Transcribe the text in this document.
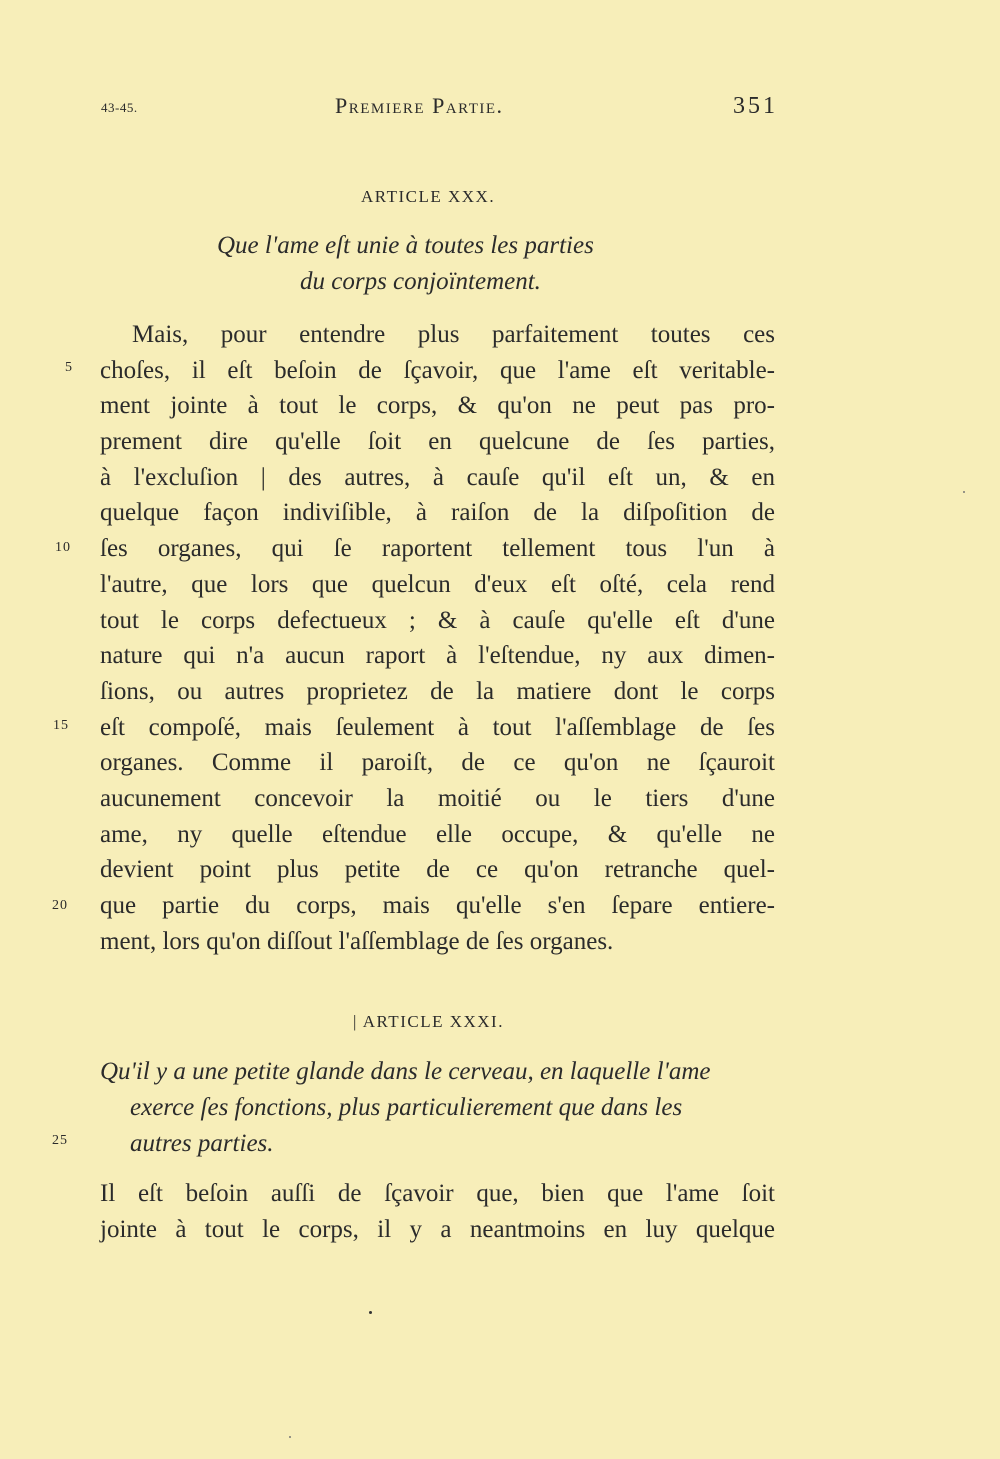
43-45.	Premiere Partie.	351
ARTICLE XXX.
Que l'ame eſt unie à toutes les parties
du corps conjoïntement.
Mais, pour entendre plus parfaitement toutes ces
choſes, il eſt beſoin de ſçavoir, que l'ame eſt veritable-
ment jointe à tout le corps, & qu'on ne peut pas pro-
prement dire qu'elle ſoit en quelcune de ſes parties,
à l'excluſion | des autres, à cauſe qu'il eſt un, & en
quelque façon indiviſible, à raiſon de la diſpoſition de
ſes organes, qui ſe raportent tellement tous l'un à
l'autre, que lors que quelcun d'eux eſt oſté, cela rend
tout le corps defectueux ; & à cauſe qu'elle eſt d'une
nature qui n'a aucun raport à l'eſtendue, ny aux dimen-
ſions, ou autres proprietez de la matiere dont le corps
eſt compoſé, mais ſeulement à tout l'aſſemblage de ſes
organes. Comme il paroiſt, de ce qu'on ne ſçauroit
aucunement concevoir la moitié ou le tiers d'une
ame, ny quelle eſtendue elle occupe, & qu'elle ne
devient point plus petite de ce qu'on retranche quel-
que partie du corps, mais qu'elle s'en ſepare entiere-
ment, lors qu'on diſſout l'aſſemblage de ſes organes.
| ARTICLE XXXI.
Qu'il y a une petite glande dans le cerveau, en laquelle l'ame
exerce ſes fonctions, plus particulierement que dans les
autres parties.
Il eſt beſoin auſſi de ſçavoir que, bien que l'ame ſoit
jointe à tout le corps, il y a neantmoins en luy quelque
5
10
15
20
25
